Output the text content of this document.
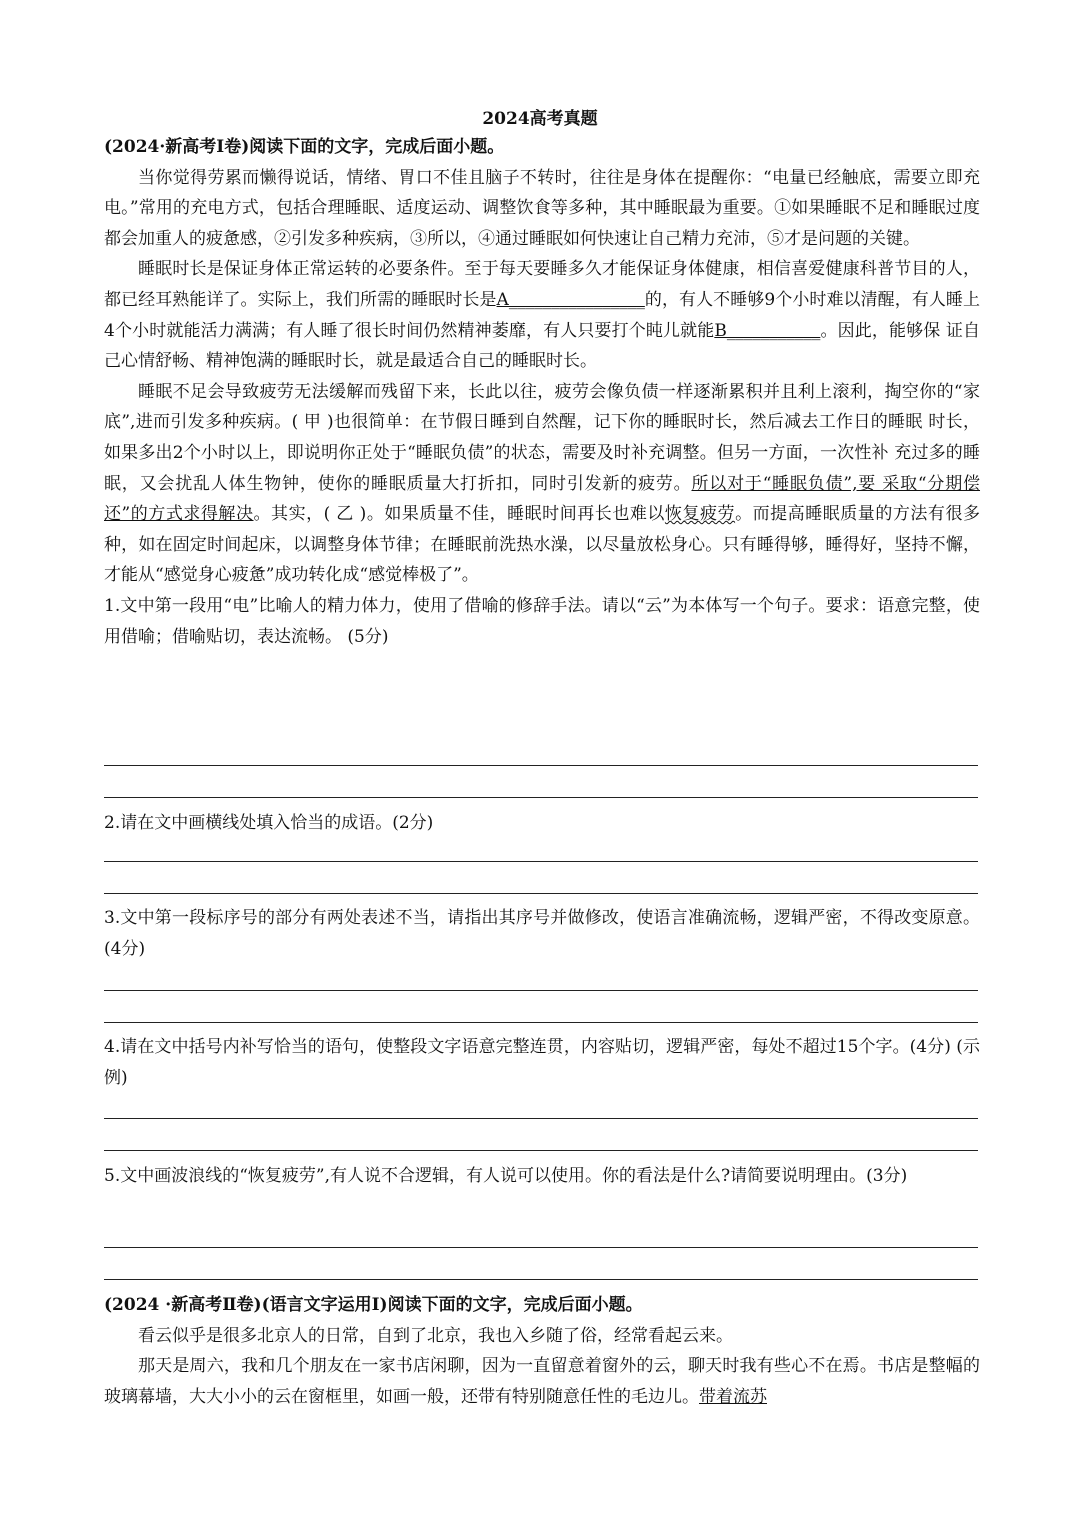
2024高考真题

(2024·新高考Ⅰ卷)阅读下面的文字，完成后面小题。

当你觉得劳累而懒得说话，情绪、胃口不佳且脑子不转时，往往是身体在提醒你：“电量已经触底，需要立即充电。”常用的充电方式，包括合理睡眠、适度运动、调整饮食等多种，其中睡眠最为重要。①如果睡眠不足和睡眠过度都会加重人的疲惫感，②引发多种疾病，③所以，④通过睡眠如何快速让自己精力充沛，⑤才是问题的关键。

睡眠时长是保证身体正常运转的必要条件。至于每天要睡多久才能保证身体健康，相信喜爱健康科普节目的人，都已经耳熟能详了。实际上，我们所需的睡眠时长是A________________的，有人不睡够9个小时难以清醒，有人睡上4个小时就能活力满满；有人睡了很长时间仍然精神萎靡，有人只要打个盹儿就能B___________。因此，能够保 证自己心情舒畅、精神饱满的睡眠时长，就是最适合自己的睡眠时长。

睡眠不足会导致疲劳无法缓解而残留下来，长此以往，疲劳会像负债一样逐渐累积并且利上滚利，掏空你的“家底”,进而引发多种疾病。( 甲 )也很简单：在节假日睡到自然醒，记下你的睡眠时长，然后减去工作日的睡眠 时长，如果多出2个小时以上，即说明你正处于“睡眠负债”的状态，需要及时补充调整。但另一方面，一次性补 充过多的睡眠，又会扰乱人体生物钟，使你的睡眠质量大打折扣，同时引发新的疲劳。所以对于“睡眠负债”,要 采取“分期偿还”的方式求得解决。其实，( 乙 )。如果质量不佳，睡眠时间再长也难以恢复疲劳。而提高睡眠质量的方法有很多种，如在固定时间起床，以调整身体节律；在睡眠前洗热水澡，以尽量放松身心。只有睡得够，睡得好，坚持不懈，才能从“感觉身心疲惫”成功转化成“感觉棒极了”。

1.文中第一段用“电”比喻人的精力体力，使用了借喻的修辞手法。请以“云”为本体写一个句子。要求：语意完整，使用借喻；借喻贴切，表达流畅。 (5分)

2.请在文中画横线处填入恰当的成语。(2分)

3.文中第一段标序号的部分有两处表述不当，请指出其序号并做修改，使语言准确流畅，逻辑严密，不得改变原意。 (4分)

4.请在文中括号内补写恰当的语句，使整段文字语意完整连贯，内容贴切，逻辑严密，每处不超过15个字。(4分) (示例)

5.文中画波浪线的“恢复疲劳”,有人说不合逻辑，有人说可以使用。你的看法是什么?请简要说明理由。(3分)

(2024 ·新高考Ⅱ卷)(语言文字运用Ⅰ)阅读下面的文字，完成后面小题。

看云似乎是很多北京人的日常，自到了北京，我也入乡随了俗，经常看起云来。

那天是周六，我和几个朋友在一家书店闲聊，因为一直留意着窗外的云，聊天时我有些心不在焉。书店是整幅的玻璃幕墙，大大小小的云在窗框里，如画一般，还带有特别随意任性的毛边儿。带着流苏
